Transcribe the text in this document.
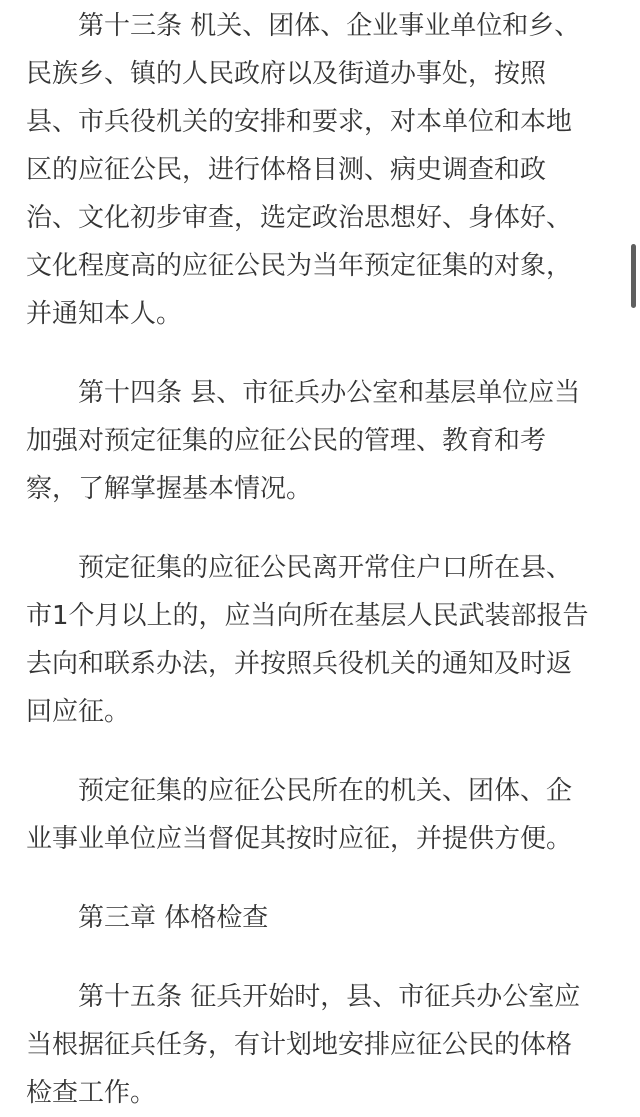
第十三条 机关、团体、企业事业单位和乡、
民族乡、镇的人民政府以及街道办事处，按照
县、市兵役机关的安排和要求，对本单位和本地
区的应征公民，进行体格目测、病史调查和政
治、文化初步审查，选定政治思想好、身体好、
文化程度高的应征公民为当年预定征集的对象，
并通知本人。
第十四条 县、市征兵办公室和基层单位应当
加强对预定征集的应征公民的管理、教育和考
察，了解掌握基本情况。
预定征集的应征公民离开常住户口所在县、
市1个月以上的，应当向所在基层人民武装部报告
去向和联系办法，并按照兵役机关的通知及时返
回应征。
预定征集的应征公民所在的机关、团体、企
业事业单位应当督促其按时应征，并提供方便。
第三章 体格检查
第十五条 征兵开始时，县、市征兵办公室应
当根据征兵任务，有计划地安排应征公民的体格
检查工作。
